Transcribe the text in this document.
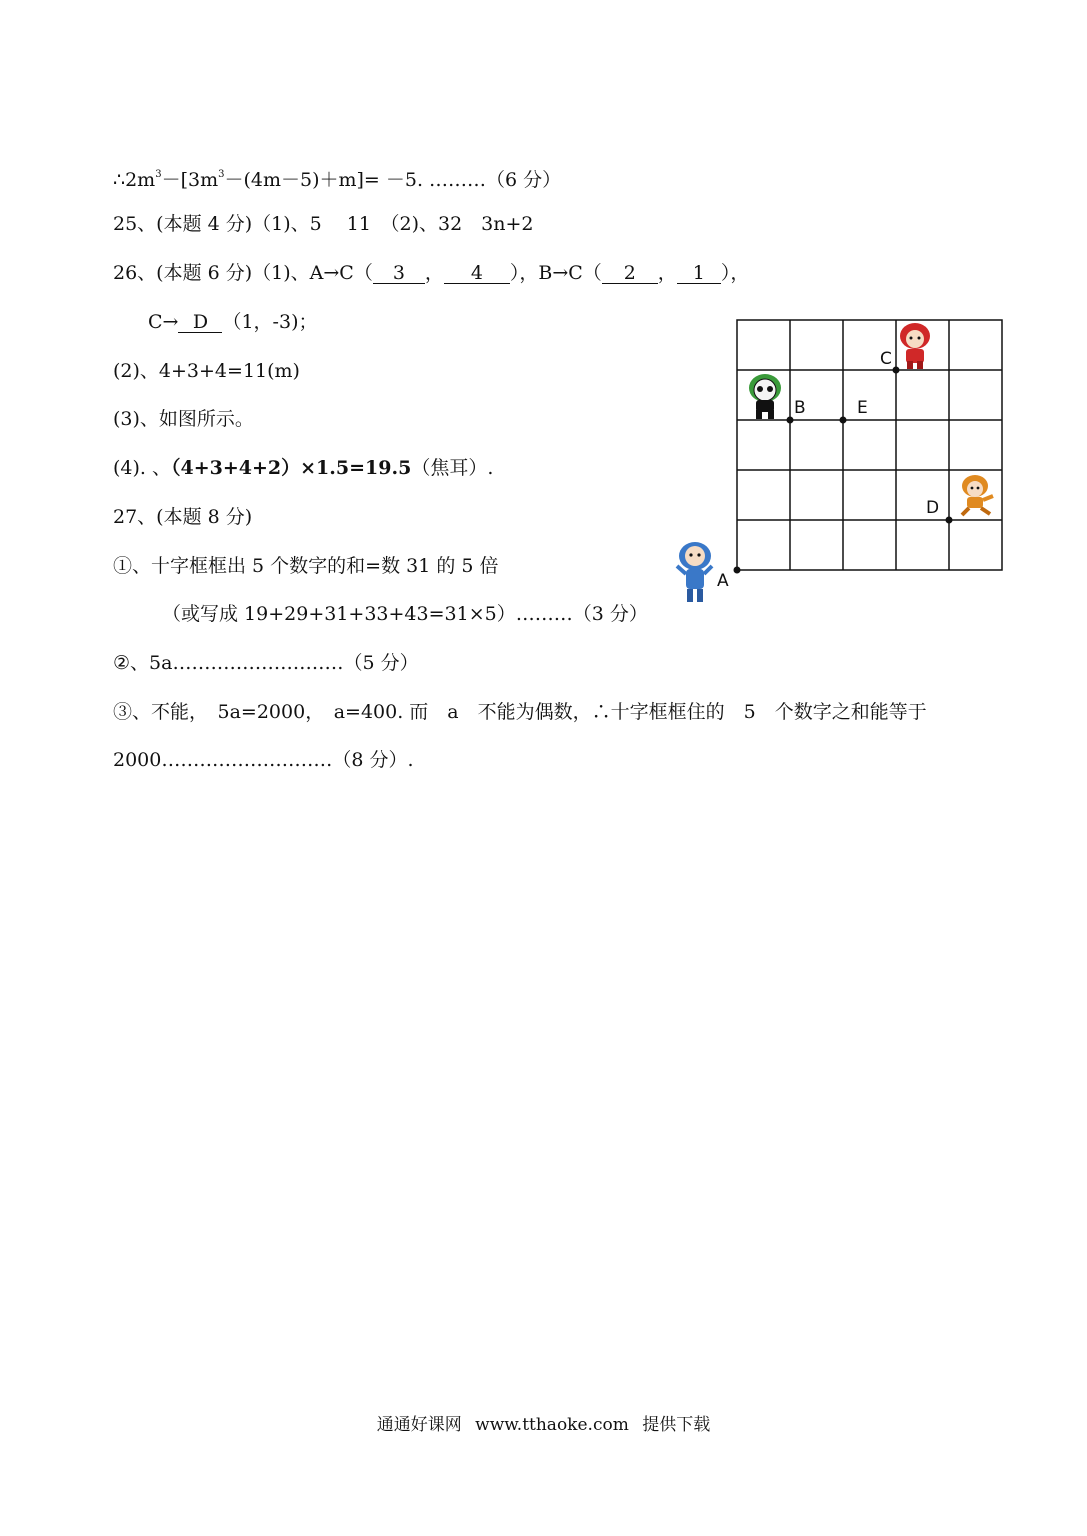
$\therefore 2m^3-[3m^3-(4m-5)+m]= -5$. ………（6 分）
25、(本题 4 分)（1)、5　 11　（2)、32　3n+2
26、(本题 6 分)（1)、A→C（ 3 ， 4 ），B→C（ 2 ， 1 ），
C→ D （1，-3)；
(2)、4+3+4=11(m)
(3)、如图所示。
(4). 、（4+3+4+2）×1.5=19.5（焦耳）.
27、(本题 8 分)
①、十字框框出 5 个数字的和=数 31 的 5 倍
（或写成 19+29+31+33+43=31×5）………（3 分）
②、5a………………………（5 分）
③、不能，　5a=2000，　a=400. 而　a　不能为偶数，∴十字框框住的　5　个数字之和能等于
2000………………………（8 分）.
A
B	E
C
D
通通好课网 www.tthaoke.com 提供下载
